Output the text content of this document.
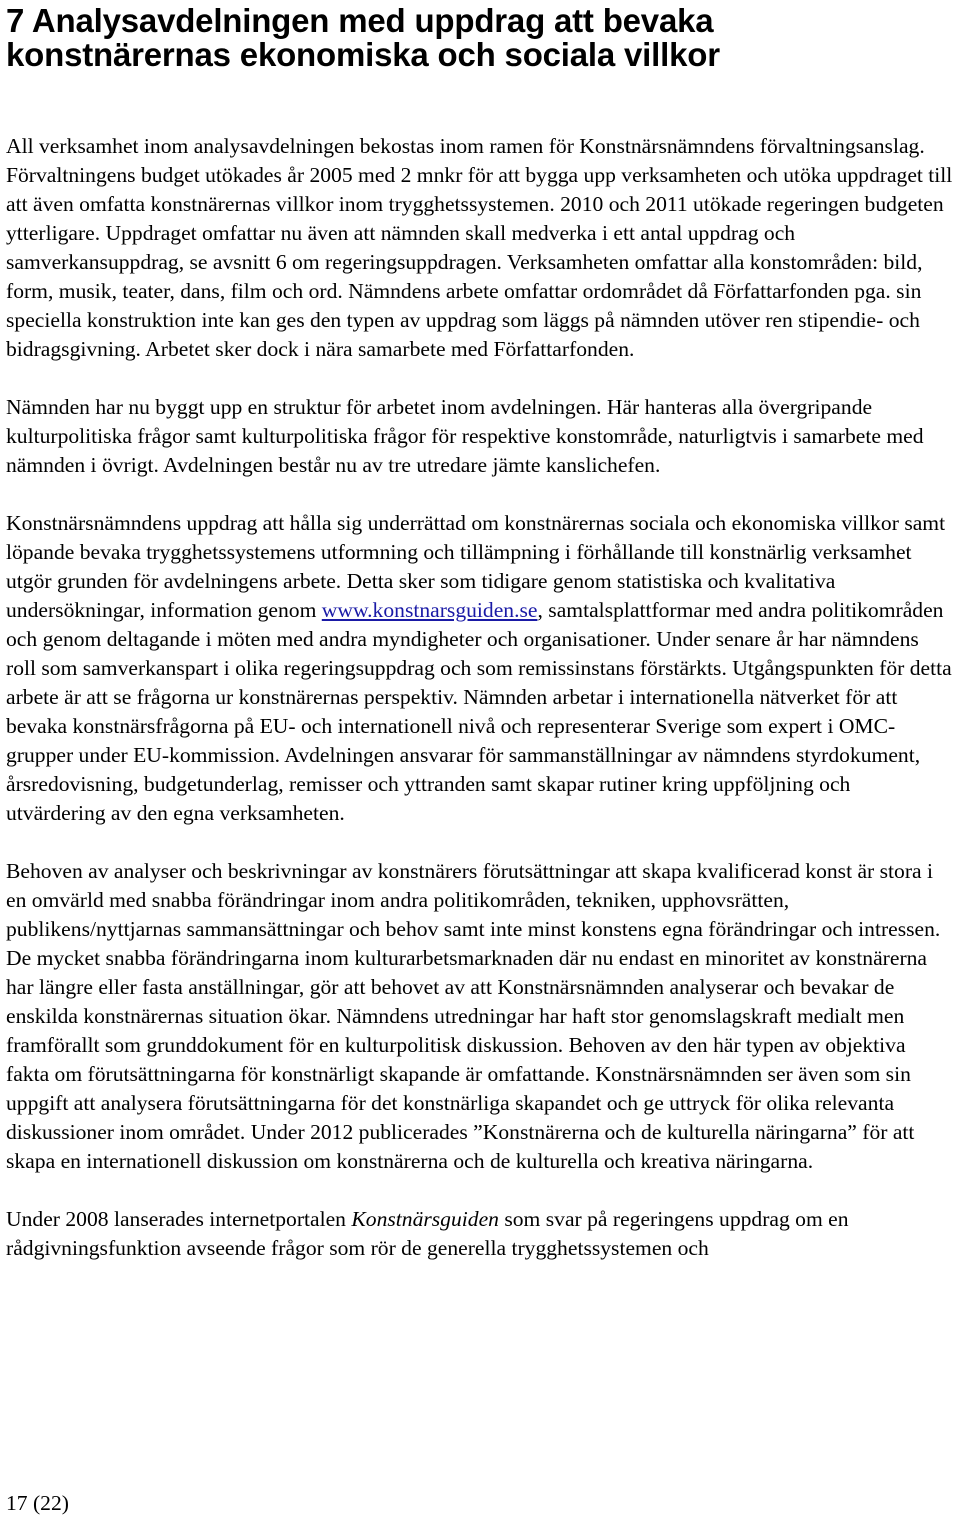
7 Analysavdelningen med uppdrag att bevaka
konstnärernas ekonomiska och sociala villkor

All verksamhet inom analysavdelningen bekostas inom ramen för Konstnärsnämndens förvaltningsanslag. Förvaltningens budget utökades år 2005 med 2 mnkr för att bygga upp verksamheten och utöka uppdraget till att även omfatta konstnärernas villkor inom trygghetssystemen. 2010 och 2011 utökade regeringen budgeten ytterligare. Uppdraget omfattar nu även att nämnden skall medverka i ett antal uppdrag och samverkansuppdrag, se avsnitt 6 om regeringsuppdragen. Verksamheten omfattar alla konstområden: bild, form, musik, teater, dans, film och ord. Nämndens arbete omfattar ordområdet då Författarfonden pga. sin speciella konstruktion inte kan ges den typen av uppdrag som läggs på nämnden utöver ren stipendie- och bidragsgivning. Arbetet sker dock i nära samarbete med Författarfonden.

Nämnden har nu byggt upp en struktur för arbetet inom avdelningen. Här hanteras alla övergripande kulturpolitiska frågor samt kulturpolitiska frågor för respektive konstområde, naturligtvis i samarbete med nämnden i övrigt. Avdelningen består nu av tre utredare jämte kanslichefen.

Konstnärsnämndens uppdrag att hålla sig underrättad om konstnärernas sociala och ekonomiska villkor samt löpande bevaka trygghetssystemens utformning och tillämpning i förhållande till konstnärlig verksamhet utgör grunden för avdelningens arbete. Detta sker som tidigare genom statistiska och kvalitativa undersökningar, information genom www.konstnarsguiden.se, samtalsplattformar med andra politikområden och genom deltagande i möten med andra myndigheter och organisationer. Under senare år har nämndens roll som samverkanspart i olika regeringsuppdrag och som remissinstans förstärkts. Utgångspunkten för detta arbete är att se frågorna ur konstnärernas perspektiv. Nämnden arbetar i internationella nätverket för att bevaka konstnärsfrågorna på EU- och internationell nivå och representerar Sverige som expert i OMC-grupper under EU-kommission. Avdelningen ansvarar för sammanställningar av nämndens styrdokument, årsredovisning, budgetunderlag, remisser och yttranden samt skapar rutiner kring uppföljning och utvärdering av den egna verksamheten.

Behoven av analyser och beskrivningar av konstnärers förutsättningar att skapa kvalificerad konst är stora i en omvärld med snabba förändringar inom andra politikområden, tekniken, upphovsrätten, publikens/nyttjarnas sammansättningar och behov samt inte minst konstens egna förändringar och intressen. De mycket snabba förändringarna inom kulturarbetsmarknaden där nu endast en minoritet av konstnärerna har längre eller fasta anställningar, gör att behovet av att Konstnärsnämnden analyserar och bevakar de enskilda konstnärernas situation ökar. Nämndens utredningar har haft stor genomslagskraft medialt men framförallt som grunddokument för en kulturpolitisk diskussion. Behoven av den här typen av objektiva fakta om förutsättningarna för konstnärligt skapande är omfattande. Konstnärsnämnden ser även som sin uppgift att analysera förutsättningarna för det konstnärliga skapandet och ge uttryck för olika relevanta diskussioner inom området. Under 2012 publicerades ”Konstnärerna och de kulturella näringarna” för att skapa en internationell diskussion om konstnärerna och de kulturella och kreativa näringarna.

Under 2008 lanserades internetportalen Konstnärsguiden som svar på regeringens uppdrag om en rådgivningsfunktion avseende frågor som rör de generella trygghetssystemen och

17 (22)
